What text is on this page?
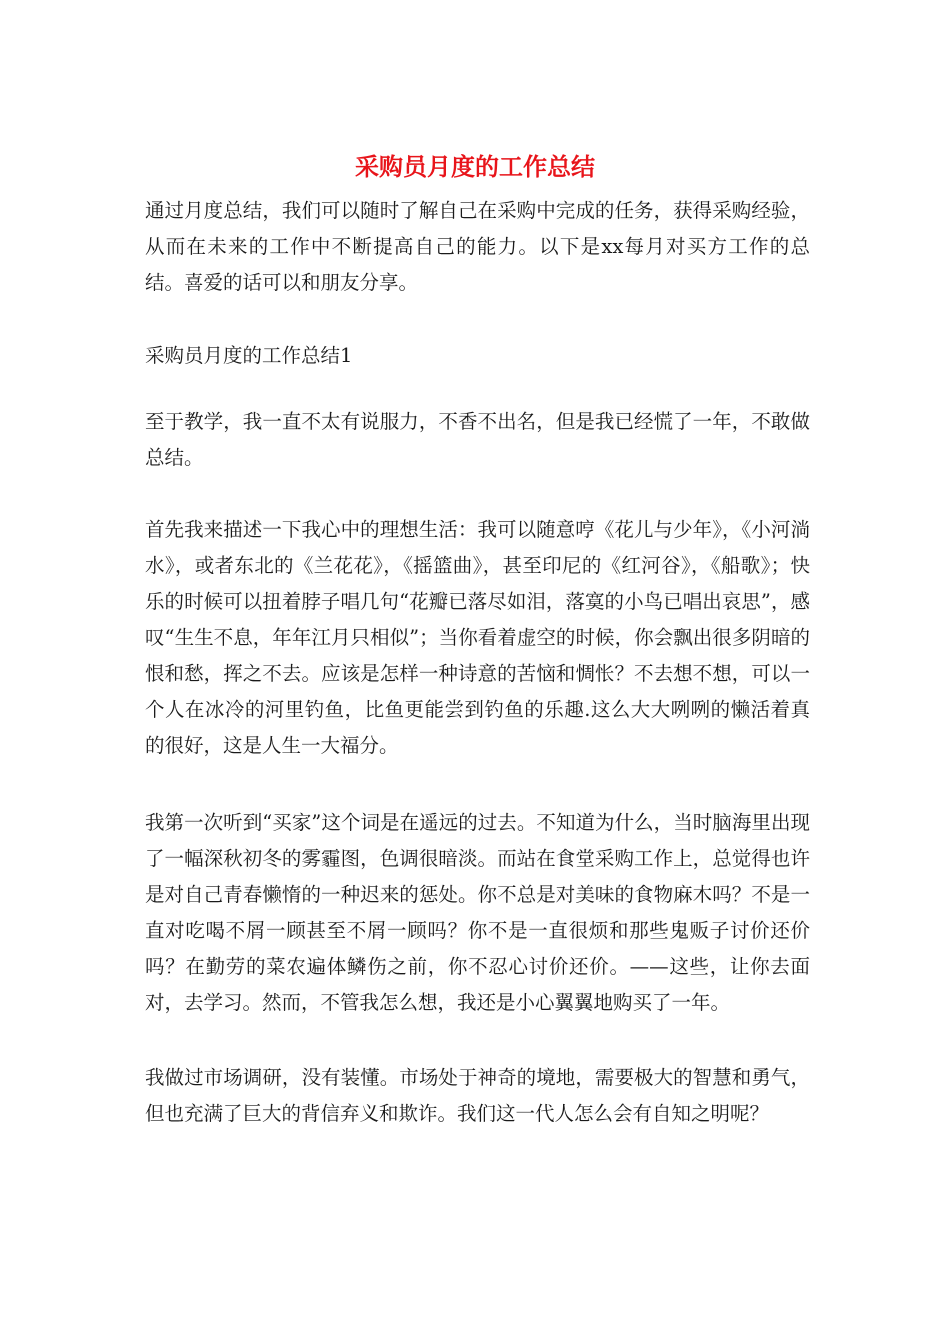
采购员月度的工作总结

通过月度总结，我们可以随时了解自己在采购中完成的任务，获得采购经验，从而在未来的工作中不断提高自己的能力。以下是xx每月对买方工作的总结。喜爱的话可以和朋友分享。

采购员月度的工作总结1

至于教学，我一直不太有说服力，不香不出名，但是我已经慌了一年，不敢做总结。

首先我来描述一下我心中的理想生活：我可以随意哼《花儿与少年》，《小河淌水》，或者东北的《兰花花》，《摇篮曲》，甚至印尼的《红河谷》，《船歌》；快乐的时候可以扭着脖子唱几句“花瓣已落尽如泪，落寞的小鸟已唱出哀思”，感叹“生生不息，年年江月只相似”；当你看着虚空的时候，你会飘出很多阴暗的恨和愁，挥之不去。应该是怎样一种诗意的苦恼和惆怅？不去想不想，可以一个人在冰冷的河里钓鱼，比鱼更能尝到钓鱼的乐趣.这么大大咧咧的懒活着真的很好，这是人生一大福分。

我第一次听到“买家”这个词是在遥远的过去。不知道为什么，当时脑海里出现了一幅深秋初冬的雾霾图，色调很暗淡。而站在食堂采购工作上，总觉得也许是对自己青春懒惰的一种迟来的惩处。你不总是对美味的食物麻木吗？不是一直对吃喝不屑一顾甚至不屑一顾吗？你不是一直很烦和那些鬼贩子讨价还价吗？在勤劳的菜农遍体鳞伤之前，你不忍心讨价还价。——这些，让你去面对，去学习。然而，不管我怎么想，我还是小心翼翼地购买了一年。

我做过市场调研，没有装懂。市场处于神奇的境地，需要极大的智慧和勇气，但也充满了巨大的背信弃义和欺诈。我们这一代人怎么会有自知之明呢？
